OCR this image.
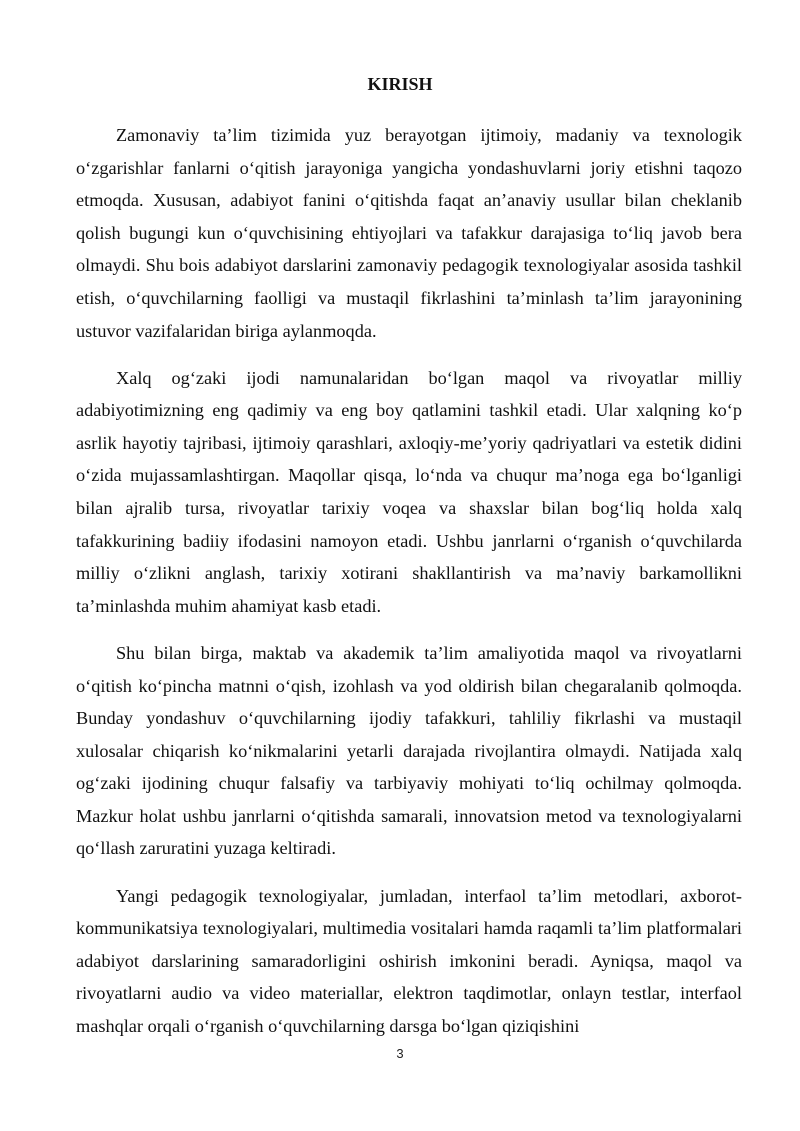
KIRISH

Zamonaviy ta’lim tizimida yuz berayotgan ijtimoiy, madaniy va texnologik o‘zgarishlar fanlarni o‘qitish jarayoniga yangicha yondashuvlarni joriy etishni taqozo etmoqda. Xususan, adabiyot fanini o‘qitishda faqat an’anaviy usullar bilan cheklanib qolish bugungi kun o‘quvchisining ehtiyojlari va tafakkur darajasiga to‘liq javob bera olmaydi. Shu bois adabiyot darslarini zamonaviy pedagogik texnologiyalar asosida tashkil etish, o‘quvchilarning faolligi va mustaqil fikrlashini ta’minlash ta’lim jarayonining ustuvor vazifalaridan biriga aylanmoqda.

Xalq og‘zaki ijodi namunalaridan bo‘lgan maqol va rivoyatlar milliy adabiyotimizning eng qadimiy va eng boy qatlamini tashkil etadi. Ular xalqning ko‘p asrlik hayotiy tajribasi, ijtimoiy qarashlari, axloqiy-me’yoriy qadriyatlari va estetik didini o‘zida mujassamlashtirgan. Maqollar qisqa, lo‘nda va chuqur ma’noga ega bo‘lganligi bilan ajralib tursa, rivoyatlar tarixiy voqea va shaxslar bilan bog‘liq holda xalq tafakkurining badiiy ifodasini namoyon etadi. Ushbu janrlarni o‘rganish o‘quvchilarda milliy o‘zlikni anglash, tarixiy xotirani shakllantirish va ma’naviy barkamollikni ta’minlashda muhim ahamiyat kasb etadi.

Shu bilan birga, maktab va akademik ta’lim amaliyotida maqol va rivoyatlarni o‘qitish ko‘pincha matnni o‘qish, izohlash va yod oldirish bilan chegaralanib qolmoqda. Bunday yondashuv o‘quvchilarning ijodiy tafakkuri, tahliliy fikrlashi va mustaqil xulosalar chiqarish ko‘nikmalarini yetarli darajada rivojlantira olmaydi. Natijada xalq og‘zaki ijodining chuqur falsafiy va tarbiyaviy mohiyati to‘liq ochilmay qolmoqda. Mazkur holat ushbu janrlarni o‘qitishda samarali, innovatsion metod va texnologiyalarni qo‘llash zaruratini yuzaga keltiradi.

Yangi pedagogik texnologiyalar, jumladan, interfaol ta’lim metodlari, axborot-kommunikatsiya texnologiyalari, multimedia vositalari hamda raqamli ta’lim platformalari adabiyot darslarining samaradorligini oshirish imkonini beradi. Ayniqsa, maqol va rivoyatlarni audio va video materiallar, elektron taqdimotlar, onlayn testlar, interfaol mashqlar orqali o‘rganish o‘quvchilarning darsga bo‘lgan qiziqishini

3
